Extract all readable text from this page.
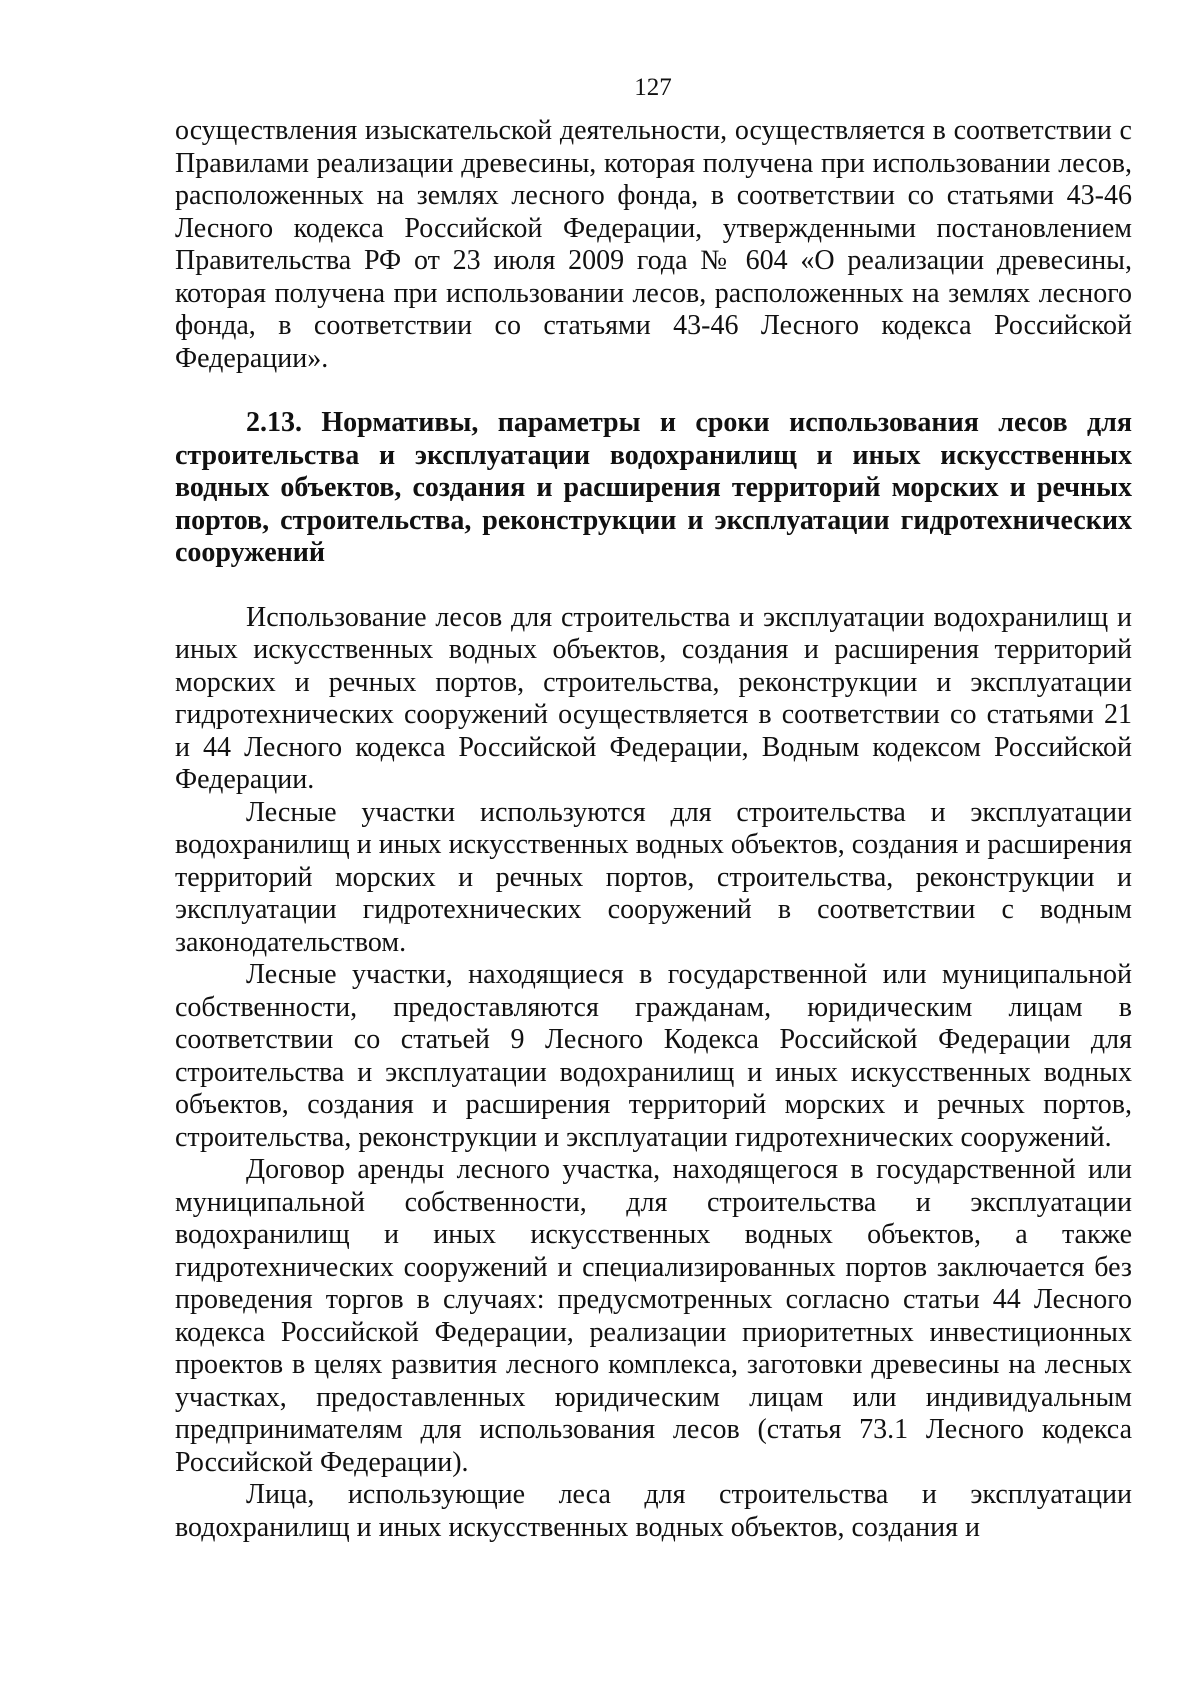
127

осуществления изыскательской деятельности, осуществляется в соответствии с Правилами реализации древесины, которая получена при использовании лесов, расположенных на землях лесного фонда, в соответствии со статьями 43-46 Лесного кодекса Российской Федерации, утвержденными постановлением Правительства РФ от 23 июля 2009 года № 604 «О реализации древесины, которая получена при использовании лесов, расположенных на землях лесного фонда, в соответствии со статьями 43-46 Лесного кодекса Российской Федерации».

2.13. Нормативы, параметры и сроки использования лесов для строительства и эксплуатации водохранилищ и иных искусственных водных объектов, создания и расширения территорий морских и речных портов, строительства, реконструкции и эксплуатации гидротехнических сооружений

Использование лесов для строительства и эксплуатации водохранилищ и иных искусственных водных объектов, создания и расширения территорий морских и речных портов, строительства, реконструкции и эксплуатации гидротехнических сооружений осуществляется в соответствии со статьями 21 и 44 Лесного кодекса Российской Федерации, Водным кодексом Российской Федерации.

Лесные участки используются для строительства и эксплуатации водохранилищ и иных искусственных водных объектов, создания и расширения территорий морских и речных портов, строительства, реконструкции и эксплуатации гидротехнических сооружений в соответствии с водным законодательством.

Лесные участки, находящиеся в государственной или муниципальной собственности, предоставляются гражданам, юридическим лицам в соответствии со статьей 9 Лесного Кодекса Российской Федерации для строительства и эксплуатации водохранилищ и иных искусственных водных объектов, создания и расширения территорий морских и речных портов, строительства, реконструкции и эксплуатации гидротехнических сооружений.

Договор аренды лесного участка, находящегося в государственной или муниципальной собственности, для строительства и эксплуатации водохранилищ и иных искусственных водных объектов, а также гидротехнических сооружений и специализированных портов заключается без проведения торгов в случаях: предусмотренных согласно статьи 44 Лесного кодекса Российской Федерации, реализации приоритетных инвестиционных проектов в целях развития лесного комплекса, заготовки древесины на лесных участках, предоставленных юридическим лицам или индивидуальным предпринимателям для использования лесов (статья 73.1 Лесного кодекса Российской Федерации).

Лица, использующие леса для строительства и эксплуатации водохранилищ и иных искусственных водных объектов, создания и
